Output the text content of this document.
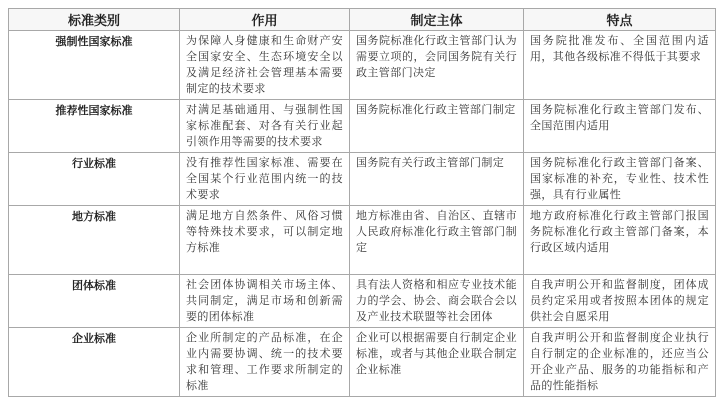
标准类别	作用	制定主体	特点
强制性国家标准	为保障人身健康和生命财产安全国家安全、生态环境安全以及满足经济社会管理基本需要制定的技术要求	国务院标准化行政主管部门认为需要立项的，会同国务院有关行政主管部门决定	国务院批准发布、全国范围内适用，其他各级标准不得低于其要求
推荐性国家标准	对满足基础通用、与强制性国家标准配套、对各有关行业起引领作用等需要的技术要求	国务院标准化行政主管部门制定	国务院标准化行政主管部门发布、全国范围内适用
行业标准	没有推荐性国家标准、需要在全国某个行业范围内统一的技术要求	国务院有关行政主管部门制定	国务院标准化行政主管部门备案、国家标准的补充，专业性、技术性强，具有行业属性
地方标准	满足地方自然条件、风俗习惯等特殊技术要求，可以制定地方标准	地方标准由省、自治区、直辖市人民政府标准化行政主管部门制定	地方政府标准化行政主管部门报国务院标准化行政主管部门备案，本行政区域内适用
团体标准	社会团体协调相关市场主体、共同制定，满足市场和创新需要的团体标准	具有法人资格和相应专业技术能力的学会、协会、商会联合会以及产业技术联盟等社会团体	自我声明公开和监督制度，团体成员约定采用或者按照本团体的规定供社会自愿采用
企业标准	企业所制定的产品标准，在企业内需要协调、统一的技术要求和管理、工作要求所制定的标准	企业可以根据需要自行制定企业标准，或者与其他企业联合制定企业标准	自我声明公开和监督制度企业执行自行制定的企业标准的，还应当公开企业产品、服务的功能指标和产品的性能指标
